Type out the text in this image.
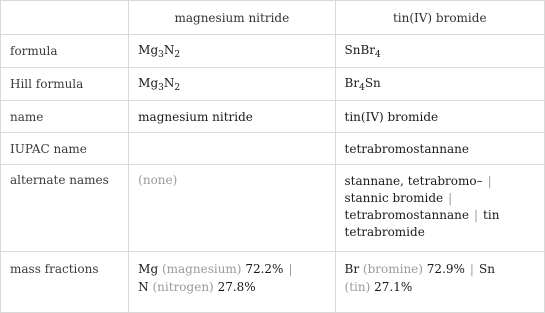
	magnesium nitride	tin(IV) bromide
formula	$Mg_3N_2$	SnBr$_4$
Hill formula	$Mg_3N_2$	$Br_4Sn$
name	magnesium nitride	tin(IV) bromide
IUPAC name		tetrabromostannane
alternate names	(none)	stannane, tetrabromo– |
stannic bromide |
tetrabromostannane | tin
tetrabromide
mass fractions	Mg (magnesium) 72.2% |
N (nitrogen) 27.8%	Br (bromine) 72.9% | Sn
(tin) 27.1%
